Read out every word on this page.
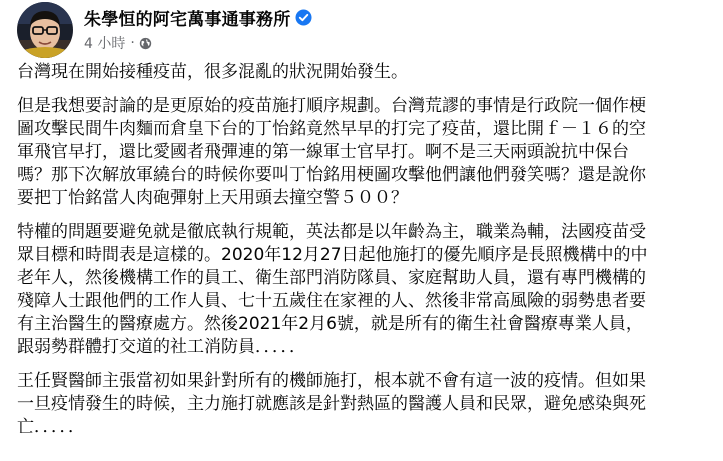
朱學恒的阿宅萬事通事務所
4 小時 ·

台灣現在開始接種疫苗，很多混亂的狀況開始發生。

但是我想要討論的是更原始的疫苗施打順序規劃。台灣荒謬的事情是行政院一個作梗
圖攻擊民間牛肉麵而倉皇下台的丁怡銘竟然早早的打完了疫苗，還比開ｆ－１６的空
軍飛官早打，還比愛國者飛彈連的第一線軍士官早打。啊不是三天兩頭說抗中保台
嗎？那下次解放軍繞台的時候你要叫丁怡銘用梗圖攻擊他們讓他們發笑嗎？還是說你
要把丁怡銘當人肉砲彈射上天用頭去撞空警５００？

特權的問題要避免就是徹底執行規範，英法都是以年齡為主，職業為輔，法國疫苗受
眾目標和時間表是這樣的。2020年12月27日起他施打的優先順序是長照機構中的中
老年人，然後機構工作的員工、衛生部門消防隊員、家庭幫助人員，還有專門機構的
殘障人士跟他們的工作人員、七十五歲住在家裡的人、然後非常高風險的弱勢患者要
有主治醫生的醫療處方。然後2021年2月6號，就是所有的衛生社會醫療專業人員，
跟弱勢群體打交道的社工消防員．．．．．

王任賢醫師主張當初如果針對所有的機師施打，根本就不會有這一波的疫情。但如果
一旦疫情發生的時候，主力施打就應該是針對熱區的醫護人員和民眾，避免感染與死
亡．．．．．
